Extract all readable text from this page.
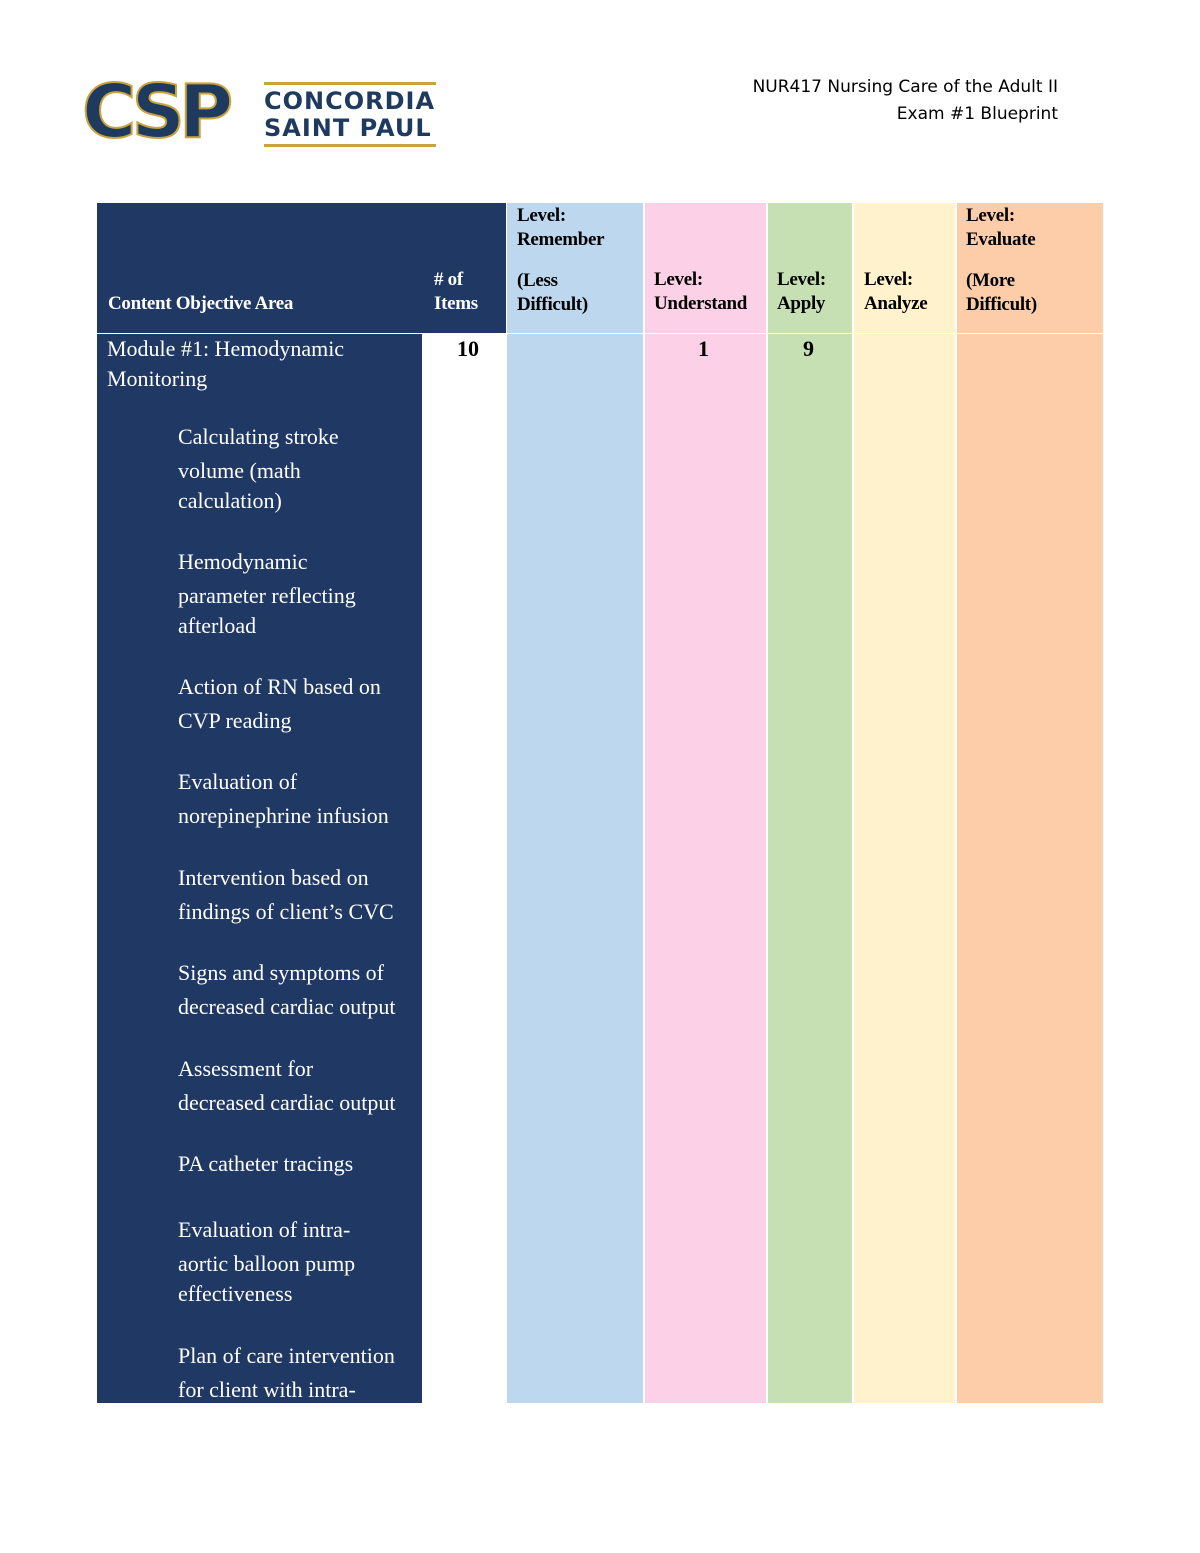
CSP CONCORDIA
SAINT PAUL
NUR417 Nursing Care of the Adult II
Exam #1 Blueprint
Content Objective Area
# of
Items
Level:
Remember
(Less
Difficult)
Level:
Understand
Level:
Apply
Level:
Analyze
Level:
Evaluate
(More
Difficult)
Module #1: Hemodynamic Monitoring
10	1	9
Calculating stroke
volume (math
calculation)
Hemodynamic
parameter reflecting
afterload
Action of RN based on
CVP reading
Evaluation of
norepinephrine infusion
Intervention based on
findings of client’s CVC
Signs and symptoms of
decreased cardiac output
Assessment for
decreased cardiac output
PA catheter tracings
Evaluation of intra-
aortic balloon pump
effectiveness
Plan of care intervention
for client with intra-
